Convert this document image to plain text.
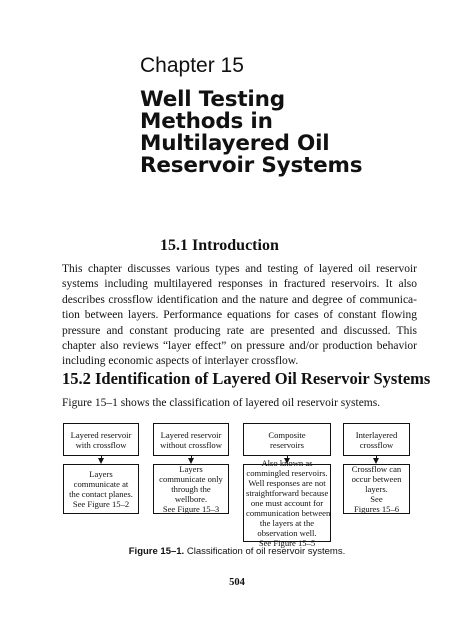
Chapter 15
Well Testing
Methods in
Multilayered Oil
Reservoir Systems
15.1 Introduction

This chapter discusses various types and testing of layered oil reservoir
systems including multilayered responses in fractured reservoirs. It also
describes crossflow identification and the nature and degree of communica-
tion between layers. Performance equations for cases of constant flowing
pressure and constant producing rate are presented and discussed. This
chapter also reviews “layer effect” on pressure and/or production behavior
including economic aspects of interlayer crossflow.

15.2 Identification of Layered Oil Reservoir Systems

Figure 15–1 shows the classification of layered oil reservoir systems.

Layered reservoir
with crossflow
Layers
communicate at
the contact planes.
See Figure 15–2
Layered reservoir
without crossflow
Layers
communicate only
through the
wellbore.
See Figure 15–3
Composite
reservoirs
Also known as
commingled reservoirs.
Well responses are not
straightforward because
one must account for
communication between
the layers at the
observation well.
See Figure 15–5
Interlayered
crossflow
Crossflow can
occur between
layers.
See
Figures 15–6

Figure 15–1. Classification of oil reservoir systems.

504
